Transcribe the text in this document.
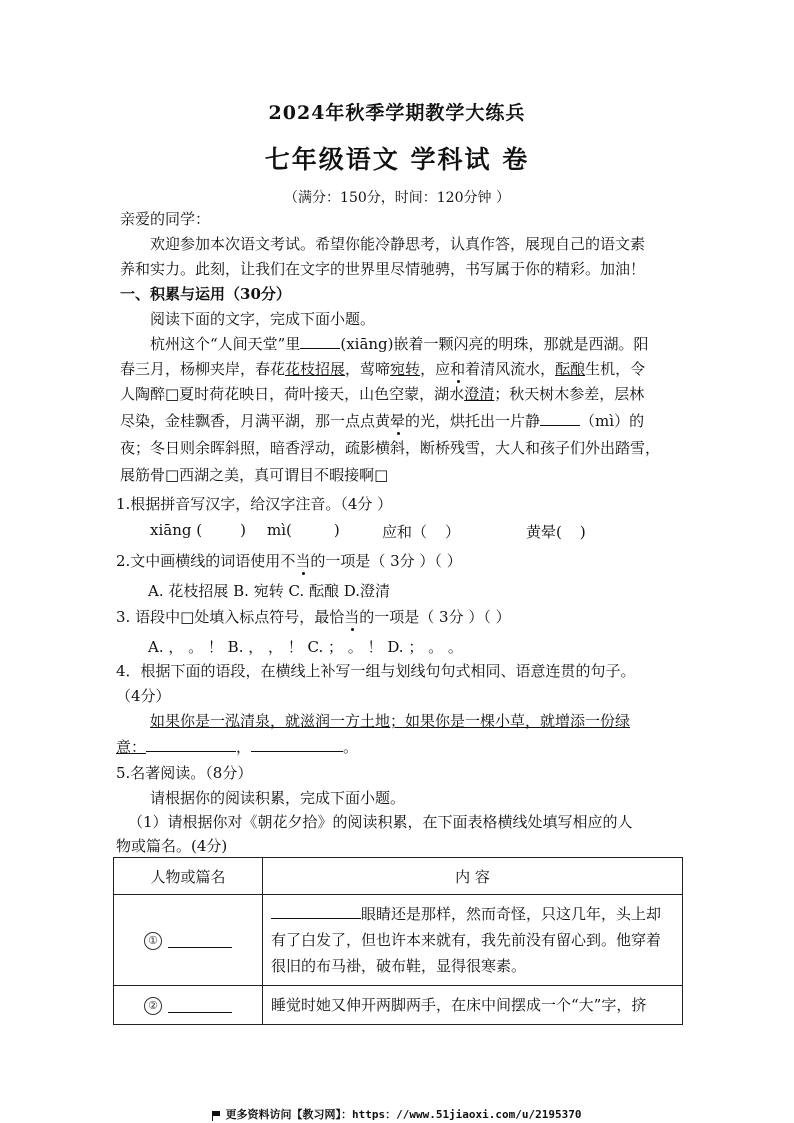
2024年秋季学期教学大练兵
七年级语文 学科试 卷
（满分：150分，时间：120分钟 ）
亲爱的同学：
欢迎参加本次语文考试。希望你能冷静思考，认真作答，展现自己的语文素
养和实力。此刻，让我们在文字的世界里尽情驰骋，书写属于你的精彩。加油！
一、积累与运用（30分）
阅读下面的文字，完成下面小题。
杭州这个“人间天堂”里	(xiāng)嵌着一颗闪亮的明珠，那就是西湖。阳
春三月，杨柳夹岸，春花花枝招展，莺啼宛转，应和着清风流水，酝酿生机，令
人陶醉□夏时荷花映日，荷叶接天，山色空蒙，湖水澄清；秋天树木参差，层林
尽染，金桂飘香，月满平湖，那一点点黄晕的光，烘托出一片静	（mì）的
夜；冬日则余晖斜照，暗香浮动，疏影横斜，断桥残雪，大人和孩子们外出踏雪，
展筋骨□西湖之美，真可谓目不暇接啊□
1.根据拼音写汉字，给汉字注音。（4分 ）
xiāng (	) mì(	)	应和（ ）	黄晕( )
2.文中画横线的词语使用不当的一项是（ 3分 ）（ ）
A. 花枝招展 B. 宛转 C. 酝酿 D.澄清
3. 语段中□处填入标点符号，最恰当的一项是（ 3分 ）（ ）
A. ， 。 ！ B. ， ， ！ C. ； 。 ！ D. ； 。 。
4．根据下面的语段，在横线上补写一组与划线句句式相同、语意连贯的句子。
（4分）
如果你是一泓清泉，就滋润一方土地；如果你是一棵小草，就增添一份绿
意：	，	。
5.名著阅读。（8分）
请根据你的阅读积累，完成下面小题。
（1）请根据你对《朝花夕拾》的阅读积累，在下面表格横线处填写相应的人
物或篇名。(4分)
人物或篇名	内 容
①	眼睛还是那样，然而奇怪，只这几年，头上却有了白发了，但也许本来就有，我先前没有留心到。他穿着很旧的布马褂，破布鞋，显得很寒素。
②	睡觉时她又伸开两脚两手，在床中间摆成一个“大”字，挤
更多资料访问【教习网】：https：//www.51jiaoxi.com/u/2195370
